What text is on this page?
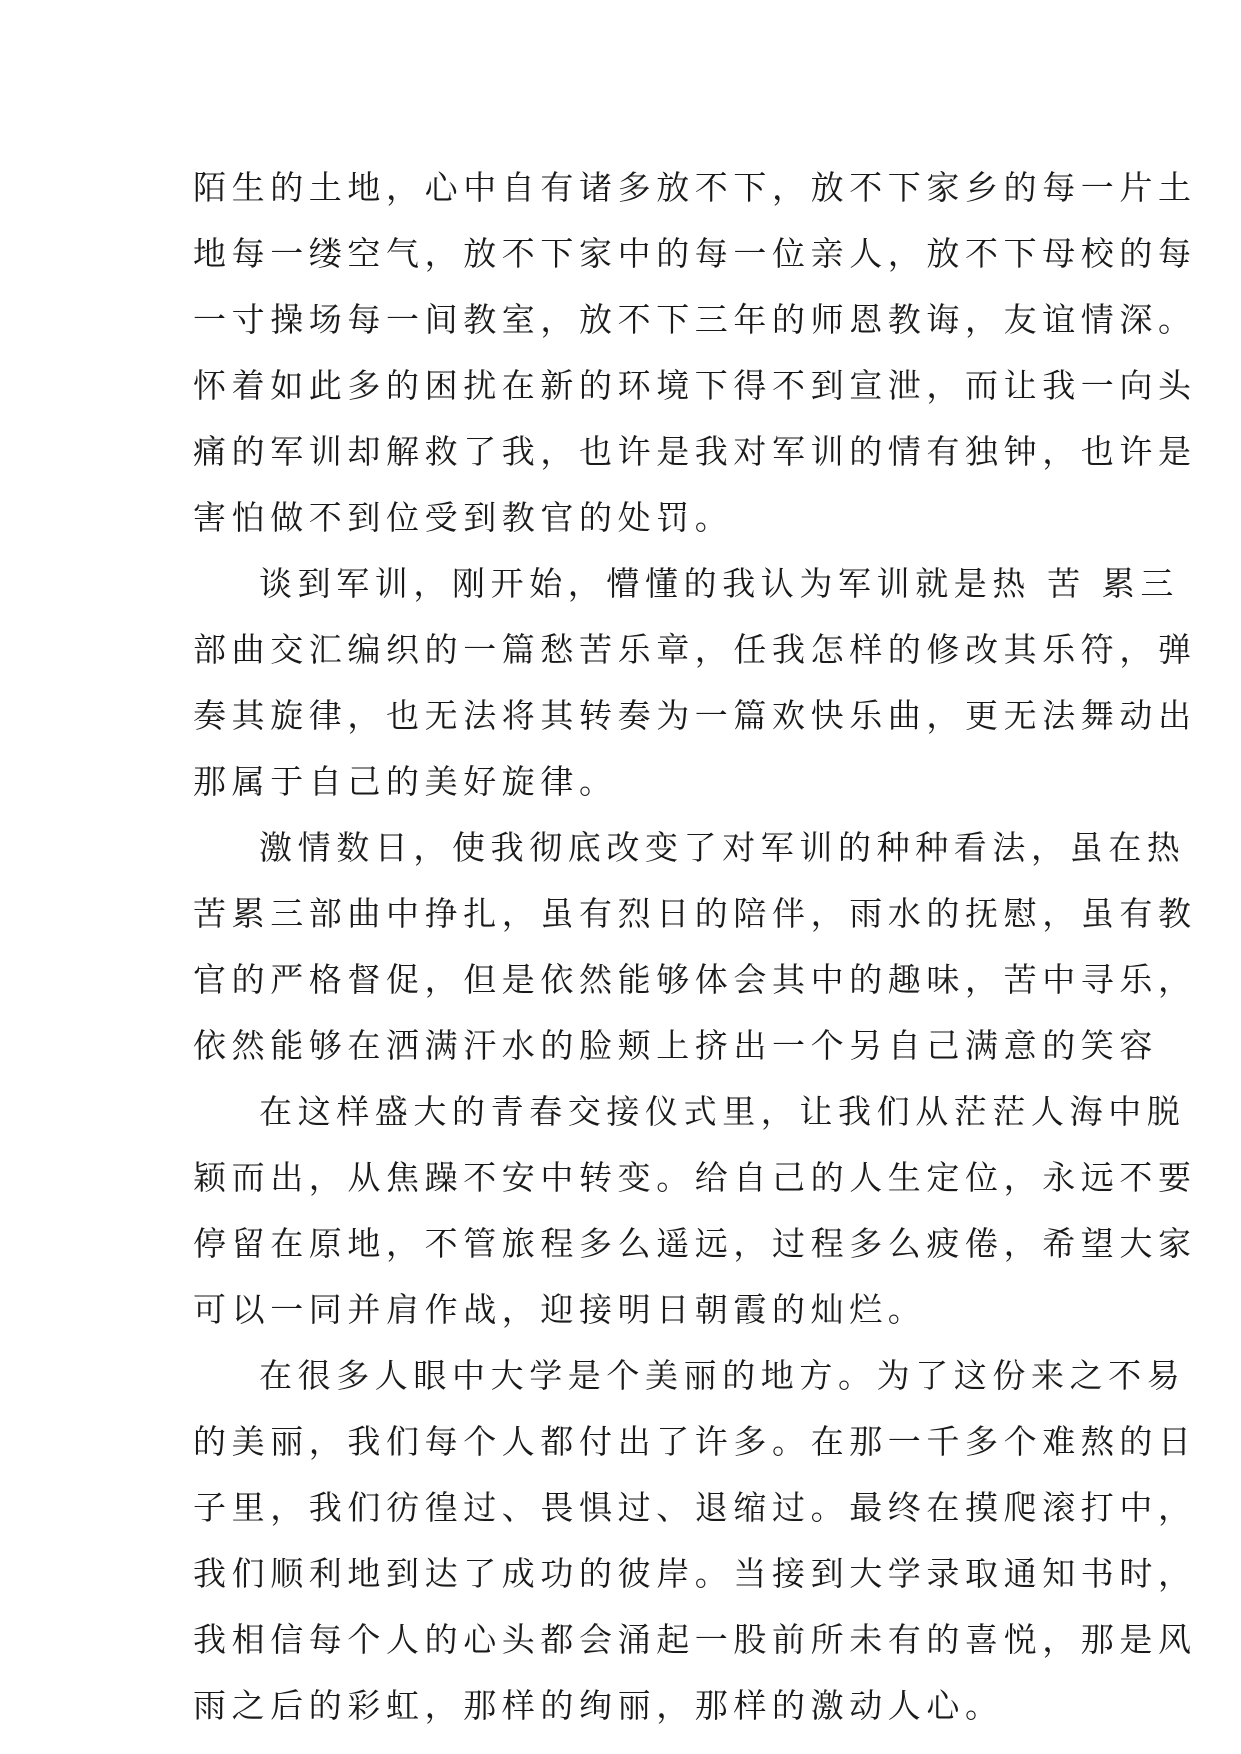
陌生的土地，心中自有诸多放不下，放不下家乡的每一片土
地每一缕空气，放不下家中的每一位亲人，放不下母校的每
一寸操场每一间教室，放不下三年的师恩教诲，友谊情深。
怀着如此多的困扰在新的环境下得不到宣泄，而让我一向头
痛的军训却解救了我，也许是我对军训的情有独钟，也许是
害怕做不到位受到教官的处罚。
谈到军训，刚开始，懵懂的我认为军训就是热 苦 累三
部曲交汇编织的一篇愁苦乐章，任我怎样的修改其乐符，弹
奏其旋律，也无法将其转奏为一篇欢快乐曲，更无法舞动出
那属于自己的美好旋律。
激情数日，使我彻底改变了对军训的种种看法，虽在热
苦累三部曲中挣扎，虽有烈日的陪伴，雨水的抚慰，虽有教
官的严格督促，但是依然能够体会其中的趣味，苦中寻乐，
依然能够在洒满汗水的脸颊上挤出一个另自己满意的笑容
在这样盛大的青春交接仪式里，让我们从茫茫人海中脱
颖而出，从焦躁不安中转变。给自己的人生定位，永远不要
停留在原地，不管旅程多么遥远，过程多么疲倦，希望大家
可以一同并肩作战，迎接明日朝霞的灿烂。
在很多人眼中大学是个美丽的地方。为了这份来之不易
的美丽，我们每个人都付出了许多。在那一千多个难熬的日
子里，我们彷徨过、畏惧过、退缩过。最终在摸爬滚打中，
我们顺利地到达了成功的彼岸。当接到大学录取通知书时，
我相信每个人的心头都会涌起一股前所未有的喜悦，那是风
雨之后的彩虹，那样的绚丽，那样的激动人心。
